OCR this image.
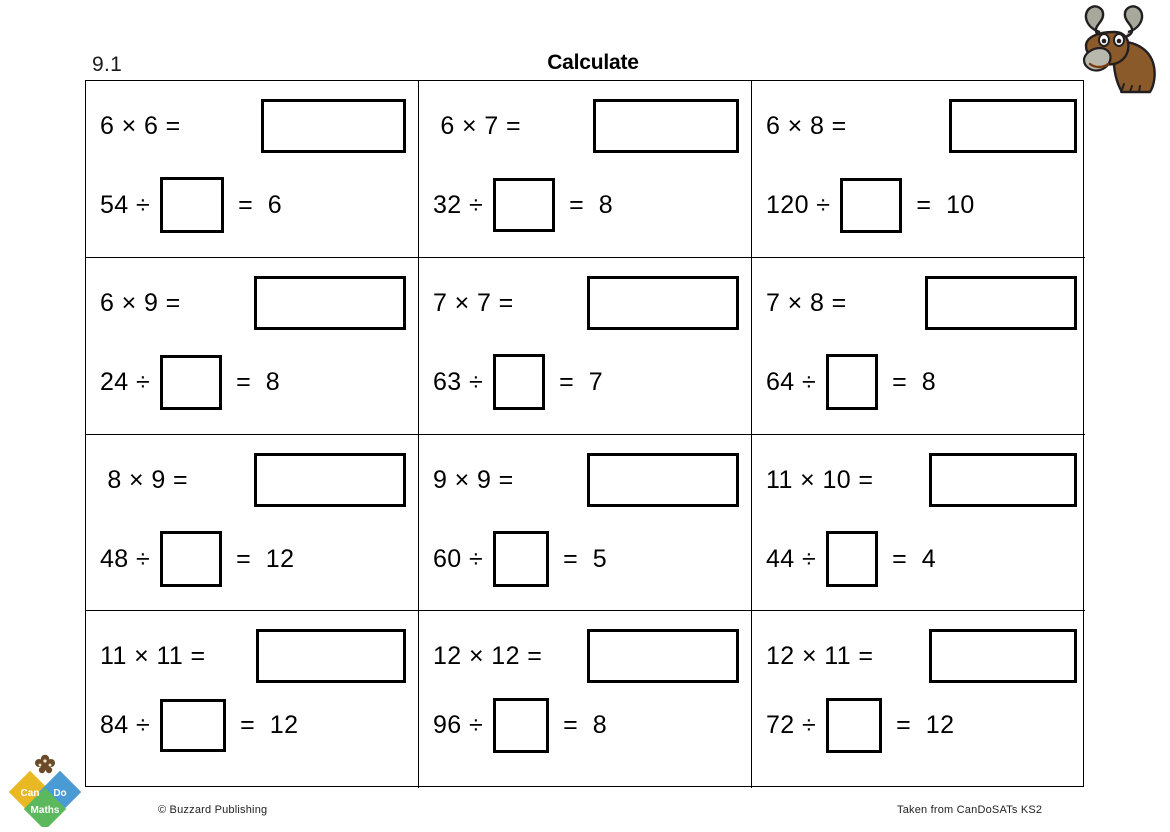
9.1	Calculate
6 × 6 =
54 ÷	=  6
6 × 7 =
32 ÷	=  8
6 × 8 =
120 ÷	=  10
6 × 9 =
24 ÷	=  8
7 × 7 =
63 ÷	=  7
7 × 8 =
64 ÷	=  8
8 × 9 =
48 ÷	=  12
9 × 9 =
60 ÷	=  5
11 × 10 =
44 ÷	=  4
11 × 11 =
84 ÷	=  12
12 × 12 =
96 ÷	=  8
12 × 11 =
72 ÷	=  12
© Buzzard Publishing	Taken from CanDoSATs KS2
Can Do
Maths
